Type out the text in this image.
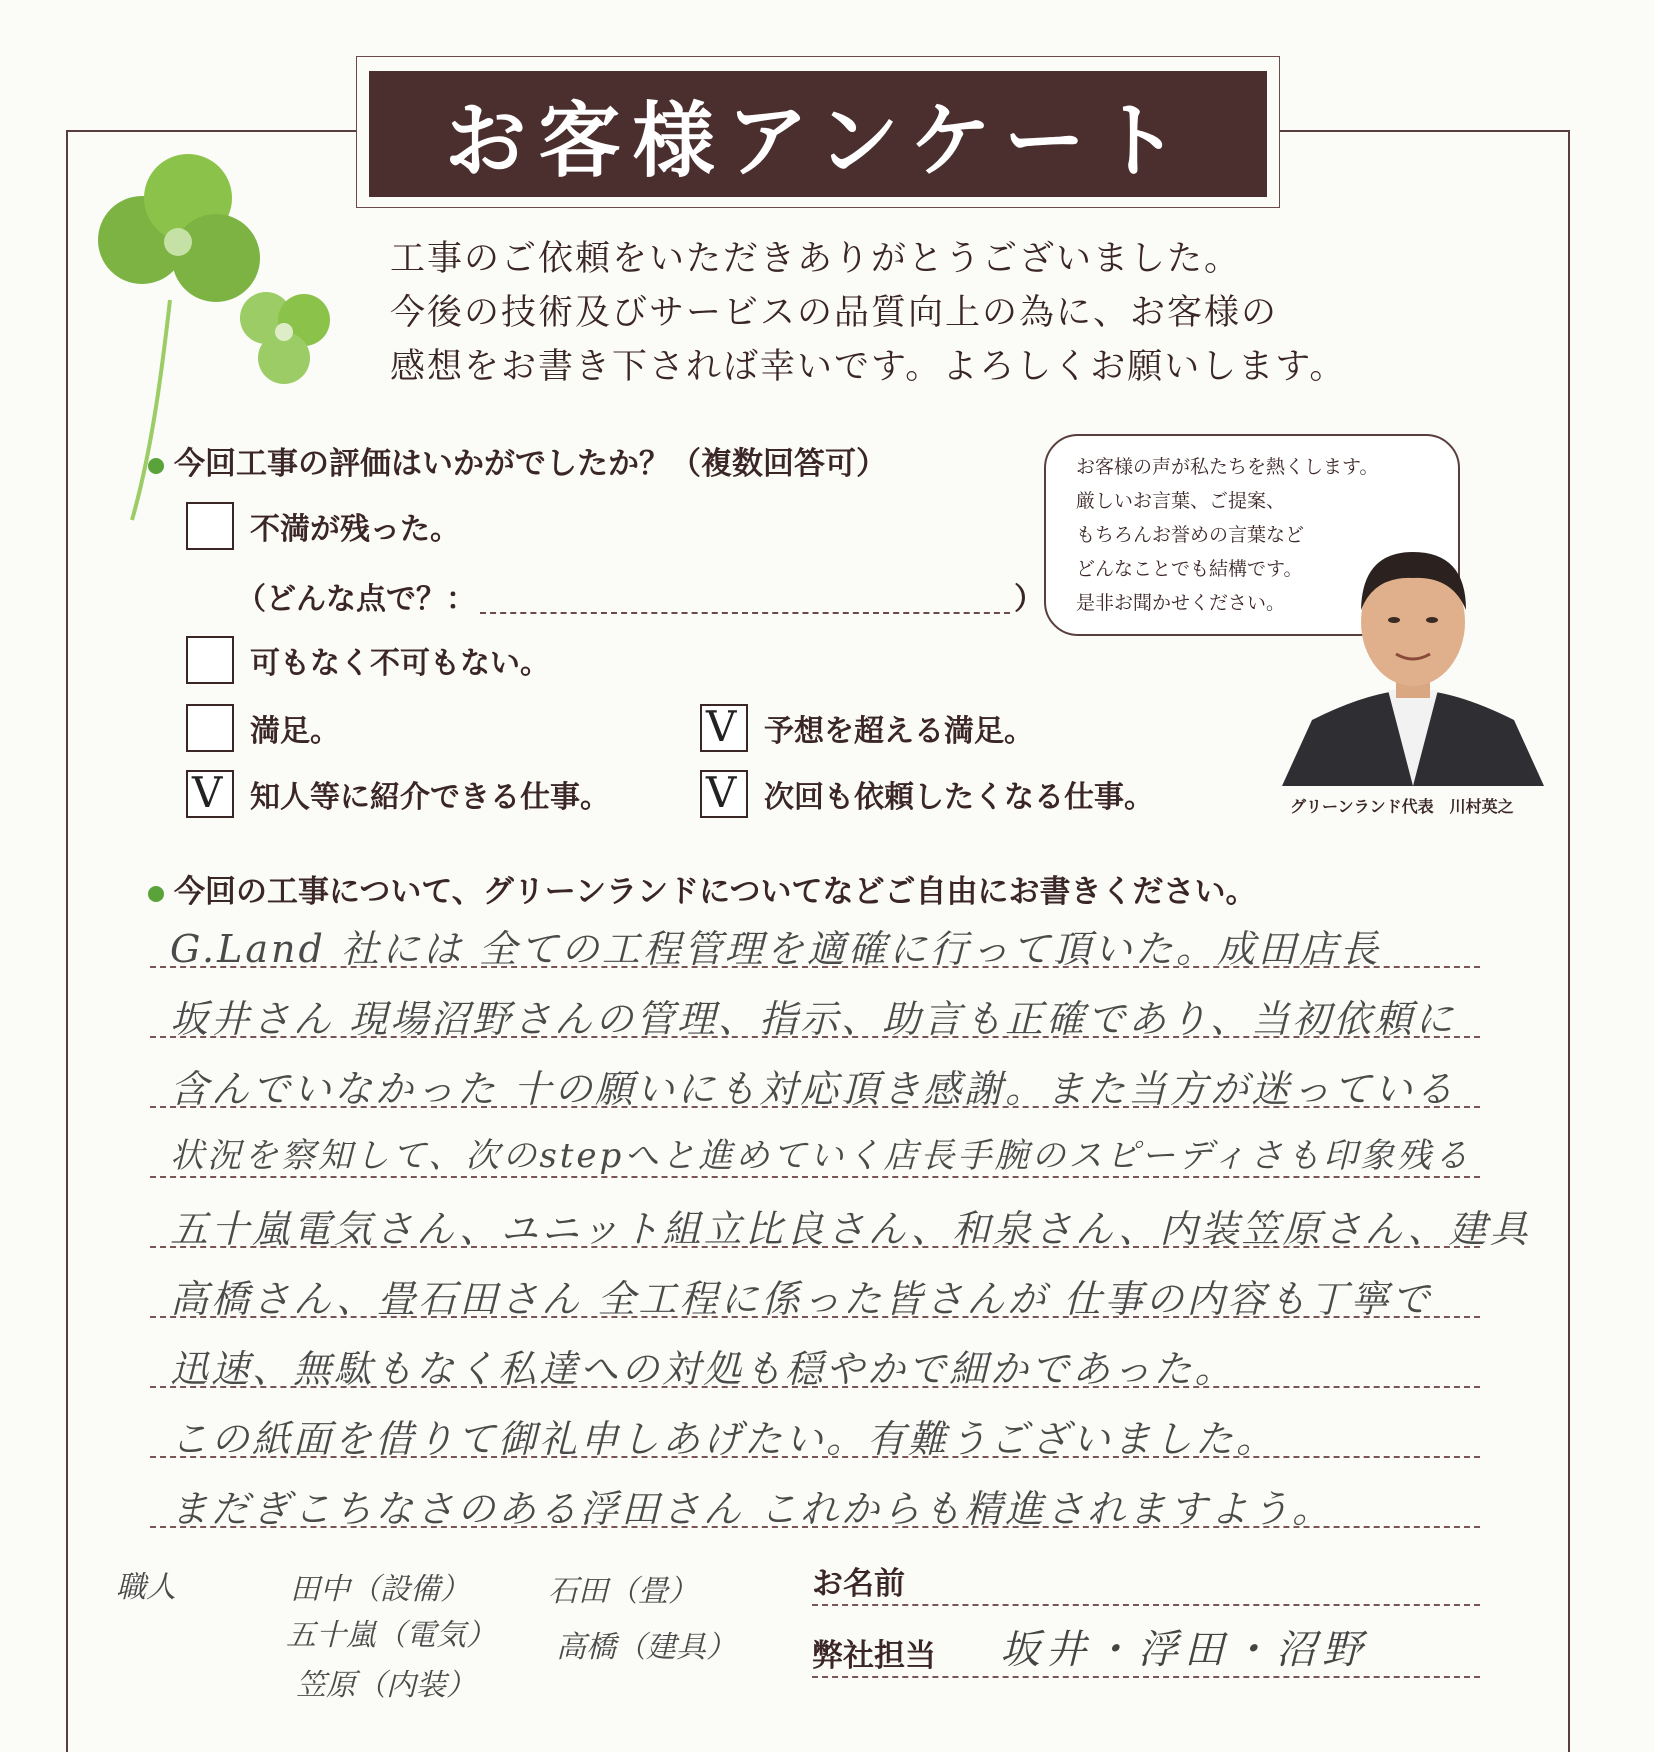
お客様アンケート
工事のご依頼をいただきありがとうございました。
今後の技術及びサービスの品質向上の為に、お客様の
感想をお書き下されば幸いです。よろしくお願いします。
今回工事の評価はいかがでしたか？（複数回答可）
不満が残った。
（どんな点で？：	）
可もなく不可もない。
満足。	V 予想を超える満足。
V 知人等に紹介できる仕事。 V 次回も依頼したくなる仕事。
お客様の声が私たちを熱くします。
厳しいお言葉、ご提案、
もちろんお誉めの言葉など
どんなことでも結構です。
是非お聞かせください。
グリーンランド代表　川村英之
今回の工事について、グリーンランドについてなどご自由にお書きください。
G.Land 社には 全ての工程管理を適確に行って頂いた。成田店長
坂井さん 現場沼野さんの管理、指示、助言も正確であり、当初依頼に
含んでいなかった 十の願いにも対応頂き感謝。また当方が迷っている
状況を察知して、次のstepへと進めていく店長手腕のスピーディさも印象残る
五十嵐電気さん、ユニット組立比良さん、和泉さん、内装笠原さん、建具
高橋さん、畳石田さん 全工程に係った皆さんが 仕事の内容も丁寧で
迅速、無駄もなく私達への対処も穏やかで細かであった。
この紙面を借りて御礼申しあげたい。有難うございました。
まだぎこちなさのある浮田さん これからも精進されますよう。
職人	田中（設備）
五十嵐（電気）
笠原（内装）
石田（畳）
高橋（建具）
お名前
弊社担当 坂井・浮田・沼野
